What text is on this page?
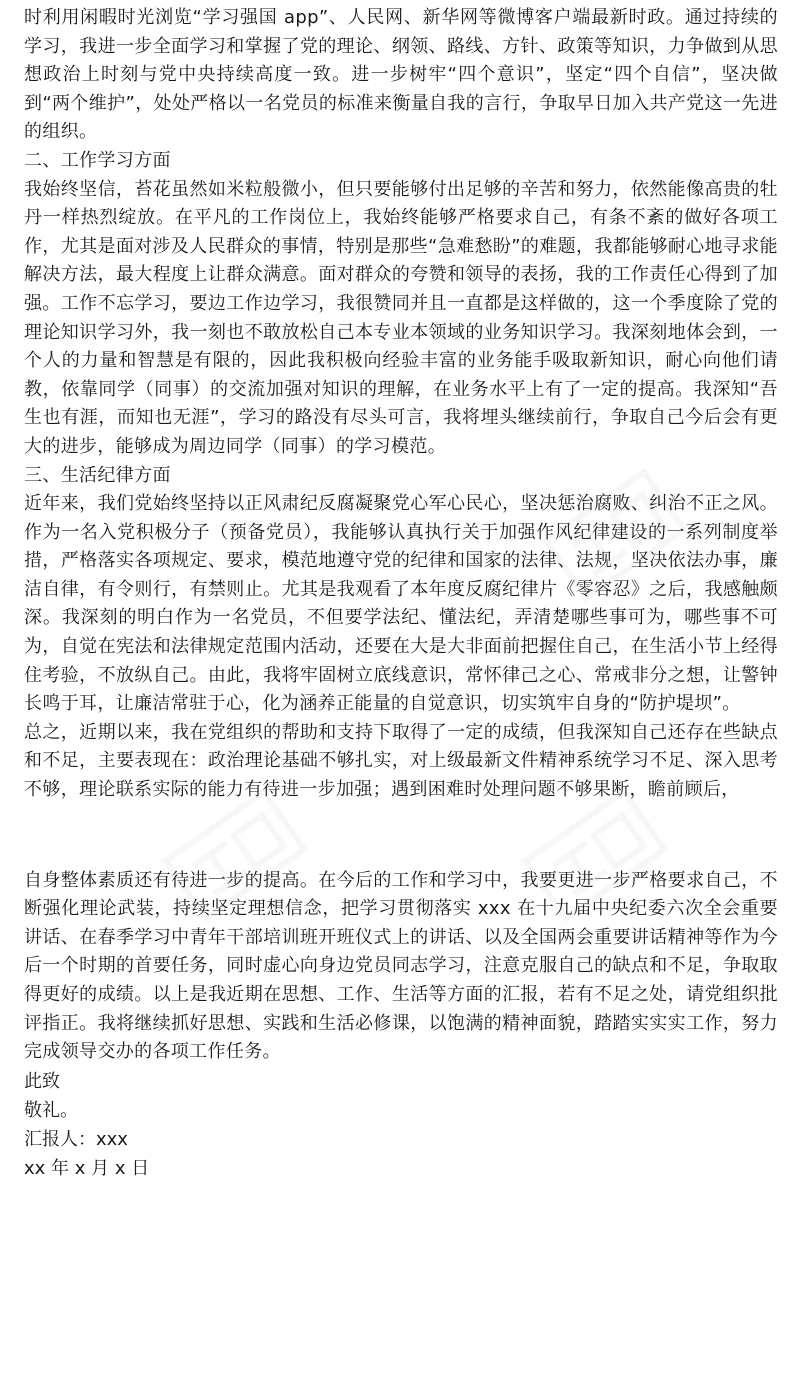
时利用闲暇时光浏览“学习强国 app”、人民网、新华网等微博客户端最新时政。通过持续的学习，我进一步全面学习和掌握了党的理论、纲领、路线、方针、政策等知识，力争做到从思想政治上时刻与党中央持续高度一致。进一步树牢“四个意识”，坚定“四个自信”，坚决做到“两个维护”，处处严格以一名党员的标准来衡量自我的言行，争取早日加入共产党这一先进的组织。

二、工作学习方面

我始终坚信，苔花虽然如米粒般微小，但只要能够付出足够的辛苦和努力，依然能像高贵的牡丹一样热烈绽放。在平凡的工作岗位上，我始终能够严格要求自己，有条不紊的做好各项工作，尤其是面对涉及人民群众的事情，特别是那些“急难愁盼”的难题，我都能够耐心地寻求能解决方法，最大程度上让群众满意。面对群众的夸赞和领导的表扬，我的工作责任心得到了加强。工作不忘学习，要边工作边学习，我很赞同并且一直都是这样做的，这一个季度除了党的理论知识学习外，我一刻也不敢放松自己本专业本领域的业务知识学习。我深刻地体会到，一个人的力量和智慧是有限的，因此我积极向经验丰富的业务能手吸取新知识，耐心向他们请教，依靠同学（同事）的交流加强对知识的理解，在业务水平上有了一定的提高。我深知“吾生也有涯，而知也无涯”，学习的路没有尽头可言，我将埋头继续前行，争取自己今后会有更大的进步，能够成为周边同学（同事）的学习模范。

三、生活纪律方面

近年来，我们党始终坚持以正风肃纪反腐凝聚党心军心民心，坚决惩治腐败、纠治不正之风。作为一名入党积极分子（预备党员），我能够认真执行关于加强作风纪律建设的一系列制度举措，严格落实各项规定、要求，模范地遵守党的纪律和国家的法律、法规，坚决依法办事，廉洁自律，有令则行，有禁则止。尤其是我观看了本年度反腐纪律片《零容忍》之后，我感触颇深。我深刻的明白作为一名党员，不但要学法纪、懂法纪，弄清楚哪些事可为，哪些事不可为，自觉在宪法和法律规定范围内活动，还要在大是大非面前把握住自己，在生活小节上经得住考验，不放纵自己。由此，我将牢固树立底线意识，常怀律己之心、常戒非分之想，让警钟长鸣于耳，让廉洁常驻于心，化为涵养正能量的自觉意识，切实筑牢自身的“防护堤坝”。

总之，近期以来，我在党组织的帮助和支持下取得了一定的成绩，但我深知自己还存在些缺点和不足，主要表现在：政治理论基础不够扎实，对上级最新文件精神系统学习不足、深入思考不够，理论联系实际的能力有待进一步加强；遇到困难时处理问题不够果断，瞻前顾后，

自身整体素质还有待进一步的提高。在今后的工作和学习中，我要更进一步严格要求自己，不断强化理论武装，持续坚定理想信念，把学习贯彻落实 xxx 在十九届中央纪委六次全会重要讲话、在春季学习中青年干部培训班开班仪式上的讲话、以及全国两会重要讲话精神等作为今后一个时期的首要任务，同时虚心向身边党员同志学习，注意克服自己的缺点和不足，争取取得更好的成绩。以上是我近期在思想、工作、生活等方面的汇报，若有不足之处，请党组织批评指正。我将继续抓好思想、实践和生活必修课，以饱满的精神面貌，踏踏实实实工作，努力完成领导交办的各项工作任务。

此致

敬礼。

汇报人：xxx

xx 年 x 月 x 日
